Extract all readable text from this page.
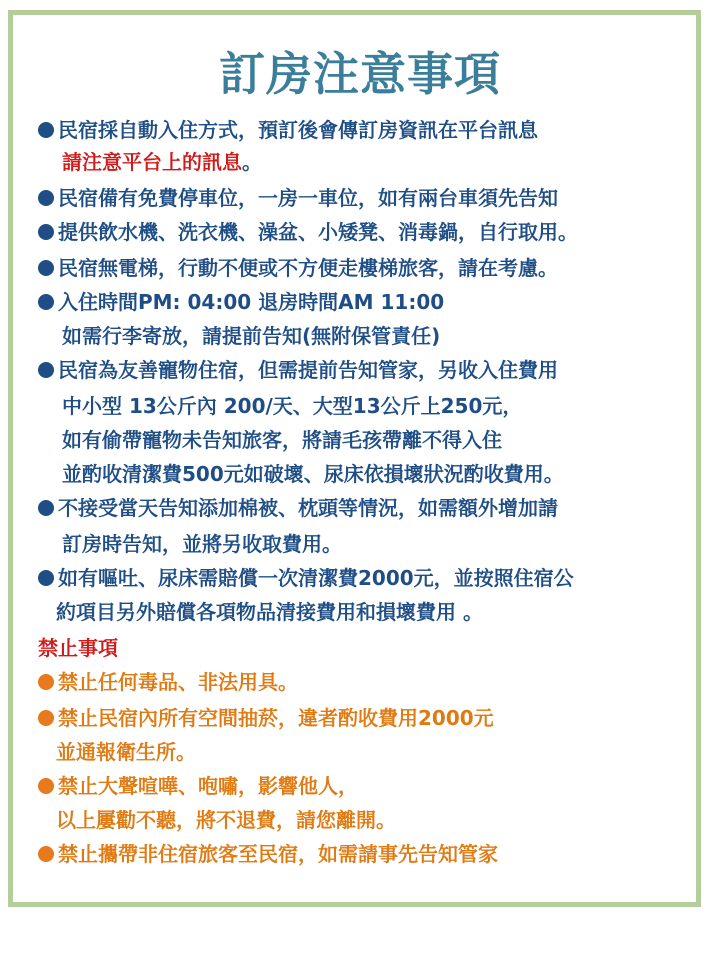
訂房注意事項
民宿採自動入住方式，預訂後會傳訂房資訊在平台訊息
請注意平台上的訊息。
民宿備有免費停車位，一房一車位，如有兩台車須先告知
提供飲水機、洗衣機、澡盆、小矮凳、消毒鍋，自行取用。
民宿無電梯，行動不便或不方便走樓梯旅客，請在考慮。
入住時間PM: 04:00 退房時間AM 11:00
如需行李寄放，請提前告知(無附保管責任)
民宿為友善寵物住宿，但需提前告知管家，另收入住費用
中小型 13公斤內 200/天、大型13公斤上250元，
如有偷帶寵物未告知旅客，將請毛孩帶離不得入住
並酌收清潔費500元如破壞、尿床依損壞狀況酌收費用。
不接受當天告知添加棉被、枕頭等情況，如需額外增加請
訂房時告知，並將另收取費用。
如有嘔吐、尿床需賠償一次清潔費2000元，並按照住宿公
約項目另外賠償各項物品清接費用和損壞費用 。
禁止事項
禁止任何毒品、非法用具。
禁止民宿內所有空間抽菸，違者酌收費用2000元
並通報衛生所。
禁止大聲喧嘩、咆嘯，影響他人，
以上屢勸不聽，將不退費，請您離開。
禁止攜帶非住宿旅客至民宿，如需請事先告知管家
